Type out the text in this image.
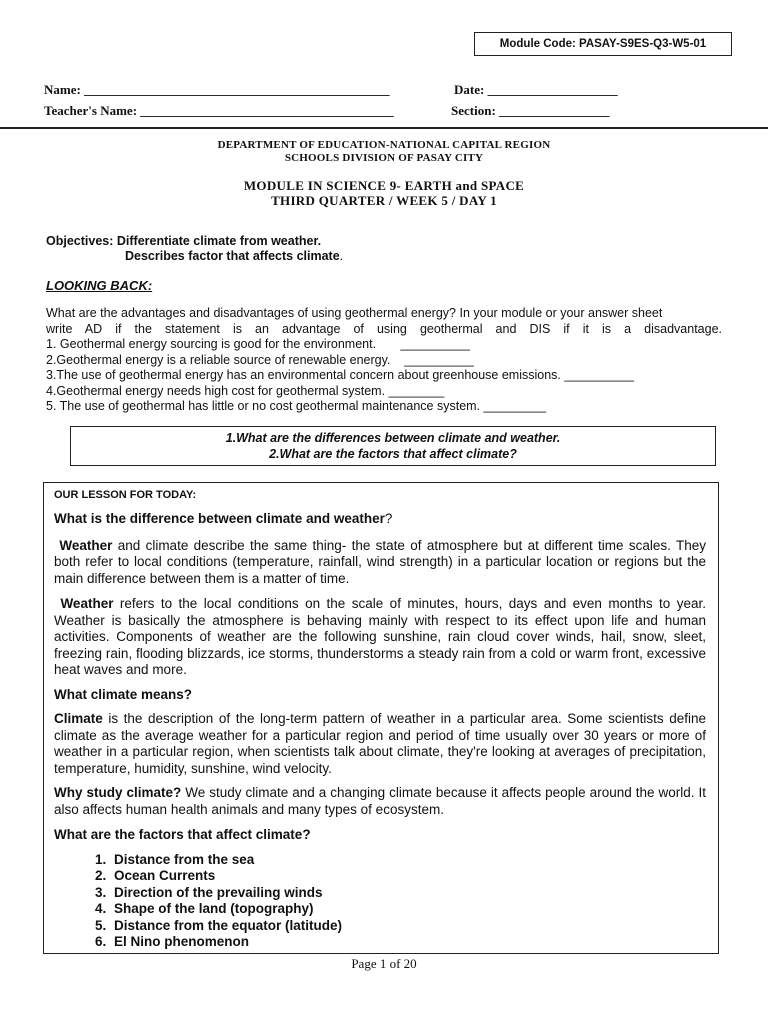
Module Code: PASAY-S9ES-Q3-W5-01
Name: _______________________________________________	Date: ____________________
Teacher's Name: _______________________________________	Section: _________________
DEPARTMENT OF EDUCATION-NATIONAL CAPITAL REGION
SCHOOLS DIVISION OF PASAY CITY
MODULE IN SCIENCE 9- EARTH and SPACE
THIRD QUARTER / WEEK 5 / DAY 1
Objectives: Differentiate climate from weather.
Describes factor that affects climate.
LOOKING BACK:
What are the advantages and disadvantages of using geothermal energy? In your module or your answer sheet
write AD if the statement is an advantage of using geothermal and DIS if it is a disadvantage.
1. Geothermal energy sourcing is good for the environment.       __________
2.Geothermal energy is a reliable source of renewable energy.    __________
3.The use of geothermal energy has an environmental concern about greenhouse emissions. __________
4.Geothermal energy needs high cost for geothermal system. ________
5. The use of geothermal has little or no cost geothermal maintenance system. _________
1.What are the differences between climate and weather.
2.What are the factors that affect climate?
OUR LESSON FOR TODAY:
What is the difference between climate and weather?

Weather and climate describe the same thing- the state of atmosphere but at different time scales. They both refer to local conditions (temperature, rainfall, wind strength) in a particular location or regions but the main difference between them is a matter of time.

Weather refers to the local conditions on the scale of minutes, hours, days and even months to year. Weather is basically the atmosphere is behaving mainly with respect to its effect upon life and human activities. Components of weather are the following sunshine, rain cloud cover winds, hail, snow, sleet, freezing rain, flooding blizzards, ice storms, thunderstorms a steady rain from a cold or warm front, excessive heat waves and more.

What climate means?

Climate is the description of the long-term pattern of weather in a particular area. Some scientists define climate as the average weather for a particular region and period of time usually over 30 years or more of weather in a particular region, when scientists talk about climate, they're looking at averages of precipitation, temperature, humidity, sunshine, wind velocity.

Why study climate? We study climate and a changing climate because it affects people around the world. It also affects human health animals and many types of ecosystem.

What are the factors that affect climate?
1. Distance from the sea
2. Ocean Currents
3. Direction of the prevailing winds
4. Shape of the land (topography)
5. Distance from the equator (latitude)
6. El Nino phenomenon
Page 1 of 20
